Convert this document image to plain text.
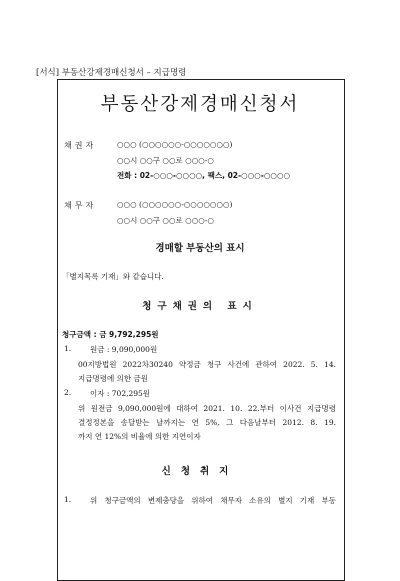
[서식] 부동산강제경매신청서 – 지급명령
부동산강제경매신청서
채권자	○○○ (○○○○○○-○○○○○○○)
○○시 ○○구 ○○로 ○○○-○
전화 : 02-○○○-○○○○, 팩스, 02-○○○-○○○○
채무자	○○○ (○○○○○○-○○○○○○○)
○○시 ○○구 ○○로 ○○○-○
경매할 부동산의 표시
「별지목록 기재」와 같습니다.
청구채권의 표시
청구금액 : 금 9,792,295원
1.	원금 : 9,090,000원
00지방법원 2022차30240 약정금 청구 사건에 관하여 2022. 5. 14.
지급명령에 의한 금원
2.	이자 : 702,295원
위 원전금 9,090,000원에 대하여 2021. 10. 22.부터 이사건 지급명령
결정정본을 송달받는 날까지는 연 5%, 그 다음날부터 2012. 8. 19.
까지 연 12%의 비율에 의한 지연이자
신청취지
1.	위 청구금액의 변제충당을 위하여 채무자 소유의 별지 기재 부동
